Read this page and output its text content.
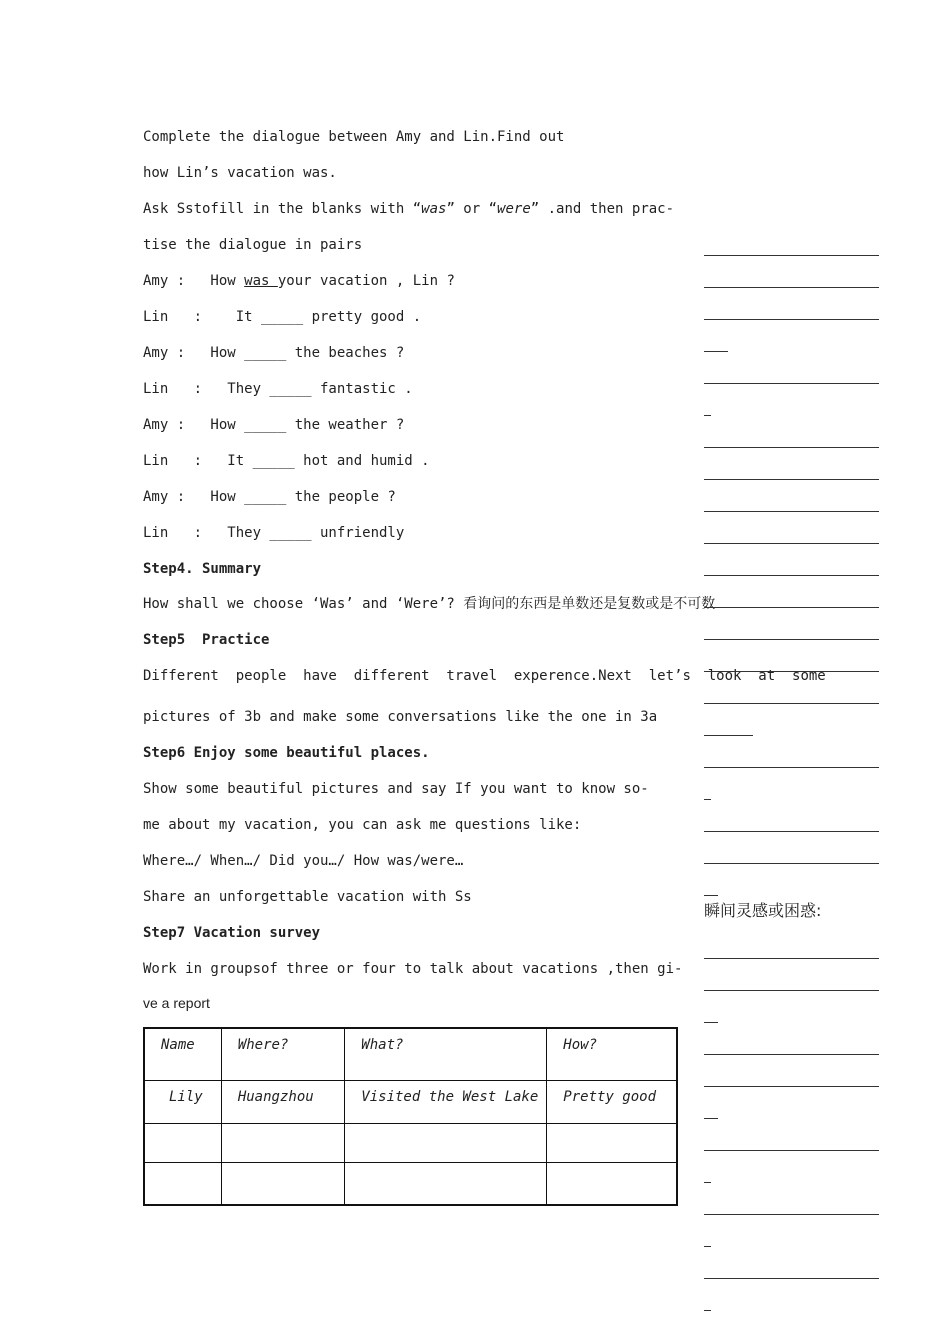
Complete the dialogue between Amy and Lin.Find out
how Lin’s vacation was.
Ask Sstofill in the blanks with “was” or “were” .and then prac-
tise the dialogue in pairs
Amy :   How was your vacation , Lin ?
Lin   :    It _____ pretty good .
Amy :   How _____ the beaches ?
Lin   :   They _____ fantastic .
Amy :   How _____ the weather ?
Lin   :   It _____ hot and humid .
Amy :   How _____ the people ?
Lin   :   They _____ unfriendly
Step4. Summary
How shall we choose ‘Was’ and ‘Were’? 看询问的东西是单数还是复数或是不可数
Step5  Practice
Different  people  have  different  travel  experence.Next  let’s  look  at  some
pictures of 3b and make some conversations like the one in 3a
Step6 Enjoy some beautiful places.
Show some beautiful pictures and say If you want to know so-
me about my vacation, you can ask me questions like:
Where…/ When…/ Did you…/ How was/were…
Share an unforgettable vacation with Ss
Step7 Vacation survey
Work in groupsof three or four to talk about vacations ,then gi-
ve a report
Name	Where?	What?	How?
Lily	Huangzhou	Visited the West Lake	Pretty good

瞬间灵感或困惑:
